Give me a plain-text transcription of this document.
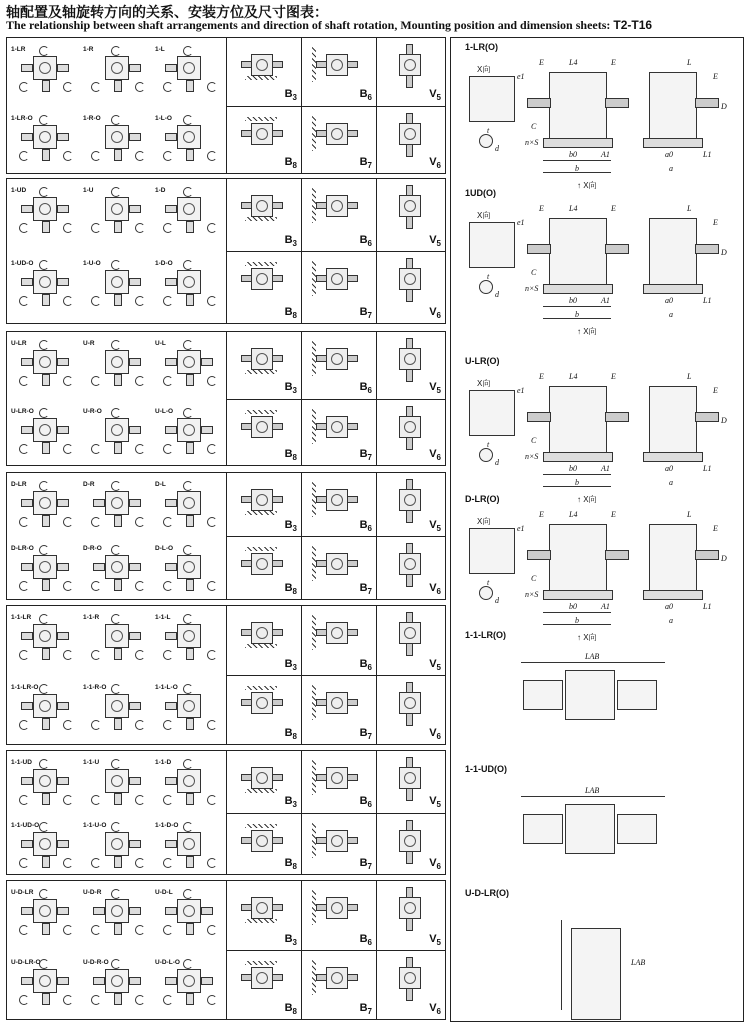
轴配置及轴旋转方向的关系、安装方位及尺寸图表：
The relationship between shaft arrangements and direction of shaft rotation, Mounting position and dimension sheets: T2-T16
1-LR	1-R	1-L
1-LR-O	1-R-O	1-L-O
$B_3$	$B_6$	$V_5$
$B_8$	$B_7$	$V_6$
1-UD	1-U	1-D
1-UD-O	1-U-O	1-D-O
$B_3$	$B_6$	$V_5$
$B_8$	$B_7$	$V_6$
U-LR	U-R	U-L
U-LR-O	U-R-O	U-L-O
$B_3$	$B_6$	$V_5$
$B_8$	$B_7$	$V_6$
D-LR	D-R	D-L
D-LR-O	D-R-O	D-L-O
$B_3$	$B_6$	$V_5$
$B_8$	$B_7$	$V_6$
1-1-LR	1-1-R	1-1-L
1-1-LR-O	1-1-R-O	1-1-L-O
$B_3$	$B_6$	$V_5$
$B_8$	$B_7$	$V_6$
1-1-UD	1-1-U	1-1-D
1-1-UD-O	1-1-U-O	1-1-D-O
$B_3$	$B_6$	$V_5$
$B_8$	$B_7$	$V_6$
U-D-LR	U-D-R	U-D-L
U-D-LR-O	U-D-R-O	U-D-L-O
$B_3$	$B_6$	$V_5$
$B_8$	$B_7$	$V_6$
1-LR(O)
X向
e1
t
d
E	L4	E
b0
b
A1
C
n×S
↑ X向
L
E
D
a0
a
L1
1UD(O)
X向
e1
t
d
E	L4	E
b0
b
A1
C
n×S
↑ X向
L
E
D
a0
a
L1
U-LR(O)
X向
e1
t
d
E	L4	E
b0
b
A1
C
n×S
↑ X向
L
E
D
a0
a
L1
D-LR(O)
X向
e1
t
d
E	L4	E
b0
b
A1
C
n×S
↑ X向
L
E
D
a0
a
L1
1-1-LR(O)
LAB
1-1-UD(O)
LAB
U-D-LR(O)
LAB
